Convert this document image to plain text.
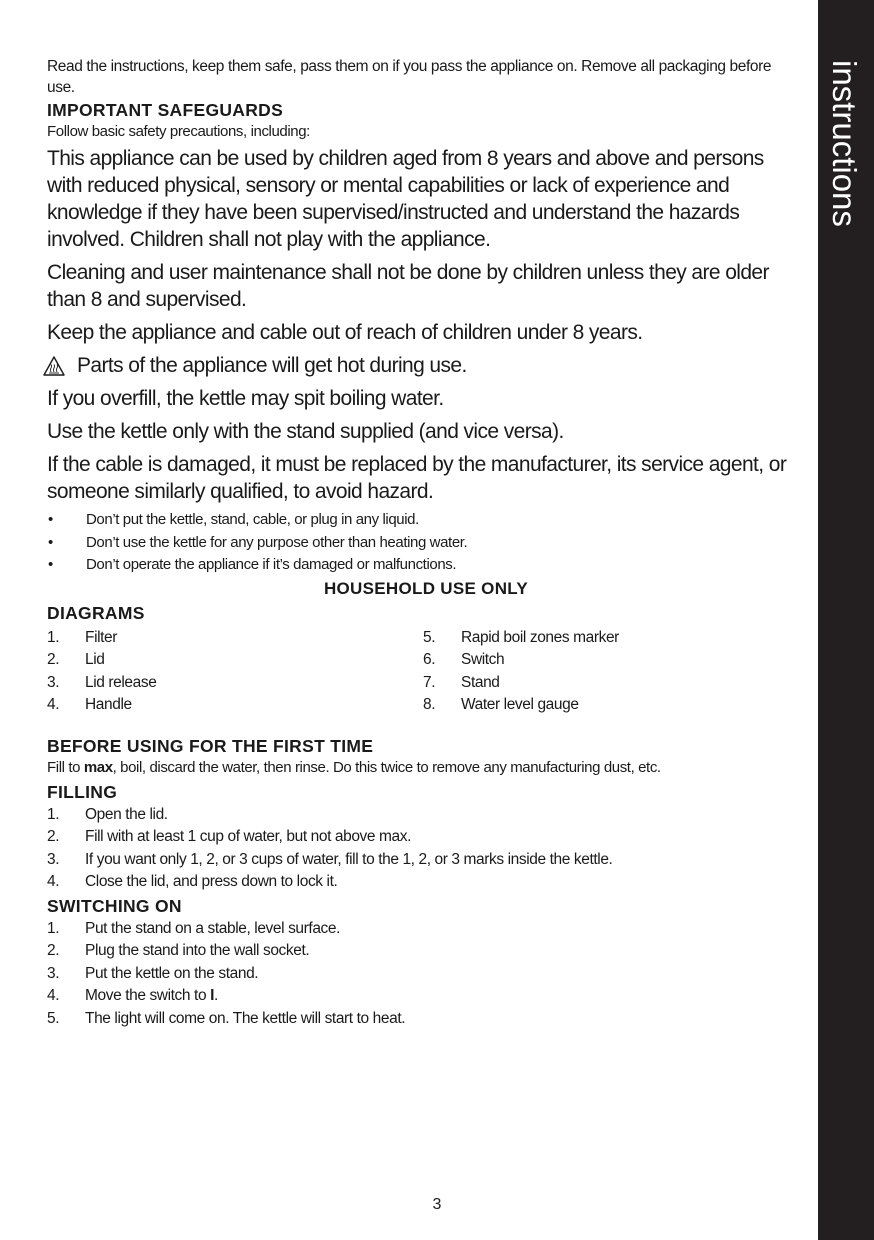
instructions

Read the instructions, keep them safe, pass them on if you pass the appliance on. Remove all packaging before use.

IMPORTANT SAFEGUARDS

Follow basic safety precautions, including:

This appliance can be used by children aged from 8 years and above and persons with reduced physical, sensory or mental capabilities or lack of experience and knowledge if they have been supervised/instructed and understand the hazards involved. Children shall not play with the appliance.

Cleaning and user maintenance shall not be done by children unless they are older than 8 and supervised.

Keep the appliance and cable out of reach of children under 8 years.

Parts of the appliance will get hot during use.

If you overfill, the kettle may spit boiling water.

Use the kettle only with the stand supplied (and vice versa).

If the cable is damaged, it must be replaced by the manufacturer, its service agent, or someone similarly qualified, to avoid hazard.

•	Don’t put the kettle, stand, cable, or plug in any liquid.
•	Don’t use the kettle for any purpose other than heating water.
•	Don’t operate the appliance if it’s damaged or malfunctions.

HOUSEHOLD USE ONLY

DIAGRAMS
1.	Filter
2.	Lid
3.	Lid release
4.	Handle
5.	Rapid boil zones marker
6.	Switch
7.	Stand
8.	Water level gauge
BEFORE USING FOR THE FIRST TIME

Fill to max, boil, discard the water, then rinse. Do this twice to remove any manufacturing dust, etc.

FILLING
1.	Open the lid.
2.	Fill with at least 1 cup of water, but not above max.
3.	If you want only 1, 2, or 3 cups of water, fill to the 1, 2, or 3 marks inside the kettle.
4.	Close the lid, and press down to lock it.
SWITCHING ON
1.	Put the stand on a stable, level surface.
2.	Plug the stand into the wall socket.
3.	Put the kettle on the stand.
4.	Move the switch to I.
5.	The light will come on. The kettle will start to heat.
3
